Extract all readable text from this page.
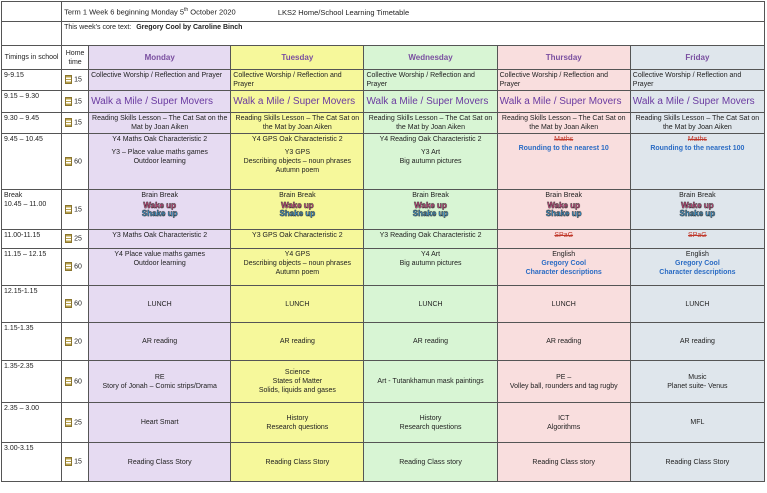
	Term 1 Week 6 beginning Monday 5th October 2020 LKS2 Home/School Learning Timetable					
	This week’s core text: Gregory Cool by Caroline Binch					
Timings in school	Home time	Monday	Tuesday	Wednesday	Thursday	Friday
9-9.15	15	Collective Worship / Reflection and Prayer	Collective Worship / Reflection and Prayer	Collective Worship / Reflection and Prayer	Collective Worship / Reflection and Prayer	Collective Worship / Reflection and Prayer
9.15 – 9.30	15	Walk a Mile / Super Movers	Walk a Mile / Super Movers	Walk a Mile / Super Movers	Walk a Mile / Super Movers	Walk a Mile / Super Movers
9.30 – 9.45	15	Reading Skills Lesson – The Cat Sat on the Mat by Joan Aiken	Reading Skills Lesson – The Cat Sat on the Mat by Joan Aiken	Reading Skills Lesson – The Cat Sat on the Mat by Joan Aiken	Reading Skills Lesson – The Cat Sat on the Mat by Joan Aiken	Reading Skills Lesson – The Cat Sat on the Mat by Joan Aiken
9.45 – 10.45	60	Y4 Maths Oak Characteristic 2
Y3 – Place value maths games
Outdoor learning	Y4 GPS Oak Characteristic 2
Y3 GPS
Describing objects – noun phrases
Autumn poem	Y4 Reading Oak Characteristic 2
Y3 Art
Big autumn pictures	Maths
Rounding to the nearest 10	Maths
Rounding to the nearest 100

Break
10.45 – 11.00	15	Brain Break
Wake up
Shake up	Brain Break
Wake up
Shake up	Brain Break
Wake up
Shake up	Brain Break
Wake up
Shake up	Brain Break
Wake up
Shake up

11.00-11.15	25	Y3 Maths Oak Characteristic 2	Y3 GPS Oak Characteristic 2	Y3 Reading Oak Characteristic 2	SPaG	SPaG
11.15 – 12.15	60	Y4 Place value maths games
Outdoor learning	Y4 GPS
Describing objects – noun phrases
Autumn poem	Y4 Art
Big autumn pictures	English
Gregory Cool
Character descriptions	English
Gregory Cool
Character descriptions

12.15-1.15	60	LUNCH	LUNCH	LUNCH	LUNCH	LUNCH
1.15-1.35	20	AR reading	AR reading	AR reading	AR reading	AR reading
1.35-2.35	60	RE
Story of Jonah – Comic strips/Drama	Science
States of Matter
Solids, liquids and gases	Art - Tutankhamun mask paintings	PE –
Volley ball, rounders and tag rugby	Music
Planet suite- Venus

2.35 – 3.00	25	Heart Smart	History
Research questions	History
Research questions	ICT
Algorithms	MFL

3.00-3.15	15	Reading Class Story	Reading Class Story	Reading Class story	Reading Class story	Reading Class Story
